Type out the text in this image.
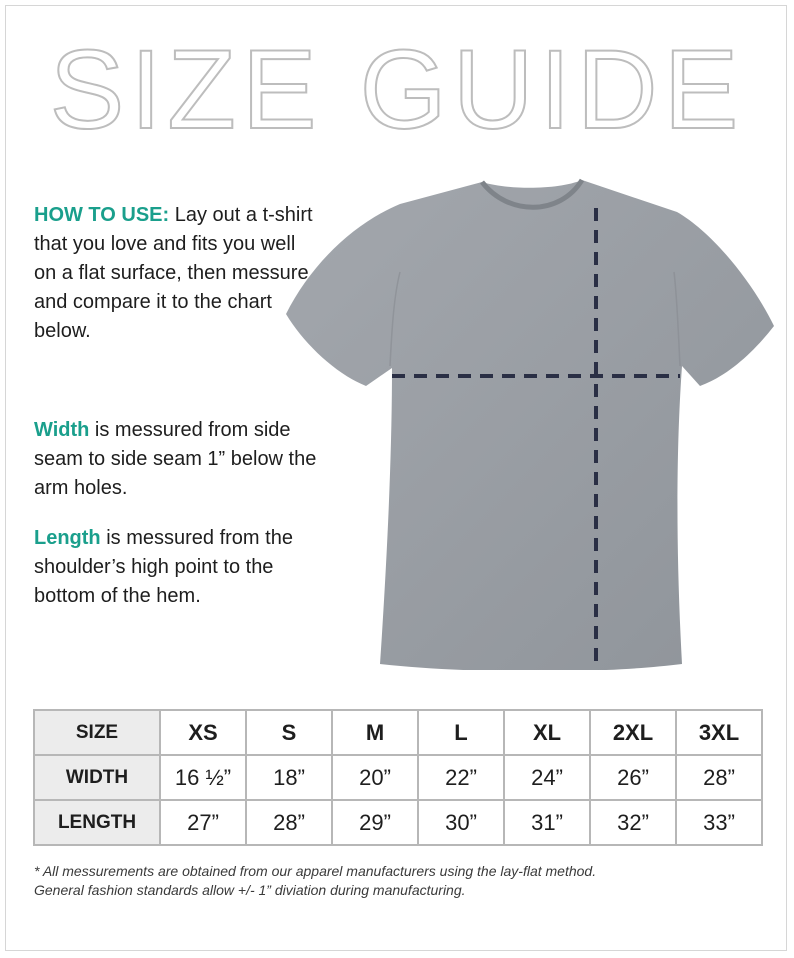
SIZE GUIDE
HOW TO USE: Lay out a t-shirt that you love and fits you well on a flat surface, then messure and compare it to the chart below.
Width is messured from side seam to side seam 1” below the arm holes.
Length is messured from the shoulder’s high point to the bottom of the hem.
SIZE	XS	S	M	L	XL	2XL	3XL
WIDTH	16 ½”	18”	20”	22”	24”	26”	28”
LENGTH	27”	28”	29”	30”	31”	32”	33”
* All messurements are obtained from our apparel manufacturers using the lay-flat method.
General fashion standards allow +/- 1” diviation during manufacturing.
